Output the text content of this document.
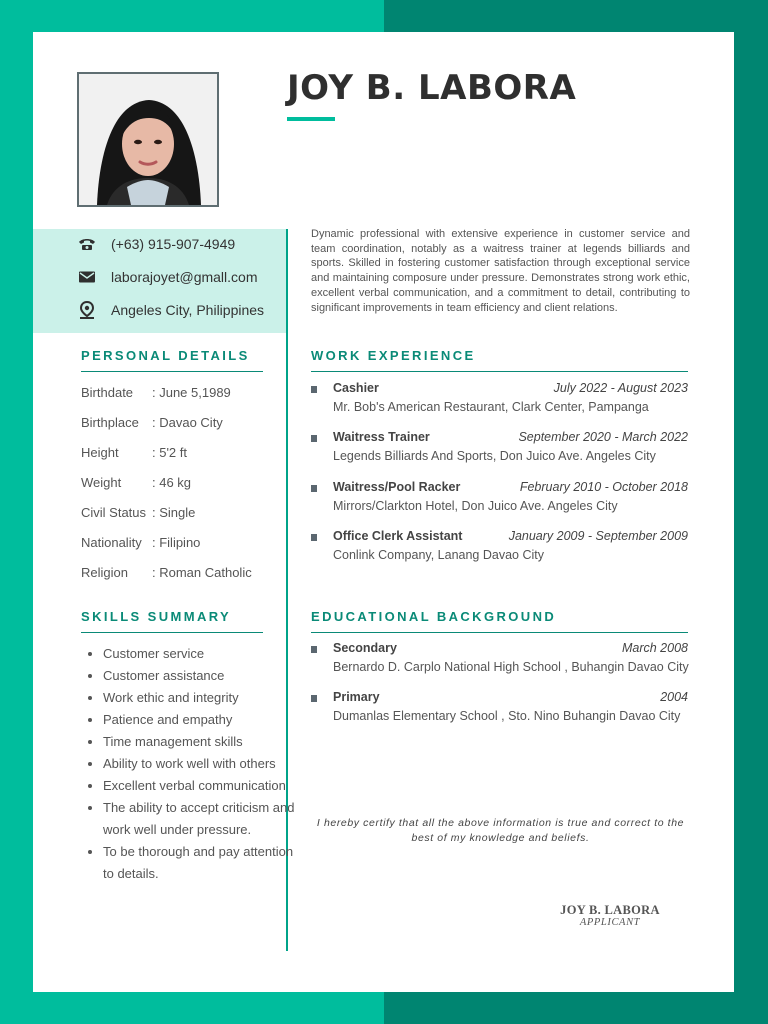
JOY B. LABORA
(+63) 915-907-4949
laborajoyet@gmall.com
Angeles City, Philippines
PERSONAL DETAILS
Birthdate : June 5,1989
Birthplace : Davao City
Height	: 5'2 ft
Weight : 46 kg
Civil Status : Single
Nationality : Filipino
Religion : Roman Catholic
SKILLS SUMMARY
• Customer service
• Customer assistance
• Work ethic and integrity
• Patience and empathy
• Time management skills
• Ability to work well with others
• Excellent verbal communication
• The ability to accept criticism and work well under pressure.
• To be thorough and pay attention to details.
Dynamic professional with extensive experience in customer service and team coordination, notably as a waitress trainer at legends billiards and sports. Skilled in fostering customer satisfaction through exceptional service and maintaining composure under pressure. Demonstrates strong work ethic, excellent verbal communication, and a commitment to detail, contributing to significant improvements in team efficiency and client relations.
WORK EXPERIENCE
Cashier	July 2022 - August 2023
Mr. Bob's American Restaurant, Clark Center, Pampanga
Waitress Trainer	September 2020 - March 2022
Legends Billiards And Sports, Don Juico Ave. Angeles City
Waitress/Pool Racker	February 2010 - October 2018
Mirrors/Clarkton Hotel, Don Juico Ave. Angeles City
Office Clerk Assistant	January 2009 - September 2009
Conlink Company, Lanang Davao City
EDUCATIONAL BACKGROUND
Secondary	March 2008
Bernardo D. Carplo National High School , Buhangin Davao City
Primary	2004
Dumanlas Elementary School , Sto. Nino Buhangin Davao City
I hereby certify that all the above information is true and correct to the best of my knowledge and beliefs.
JOY B. LABORA
APPLICANT
